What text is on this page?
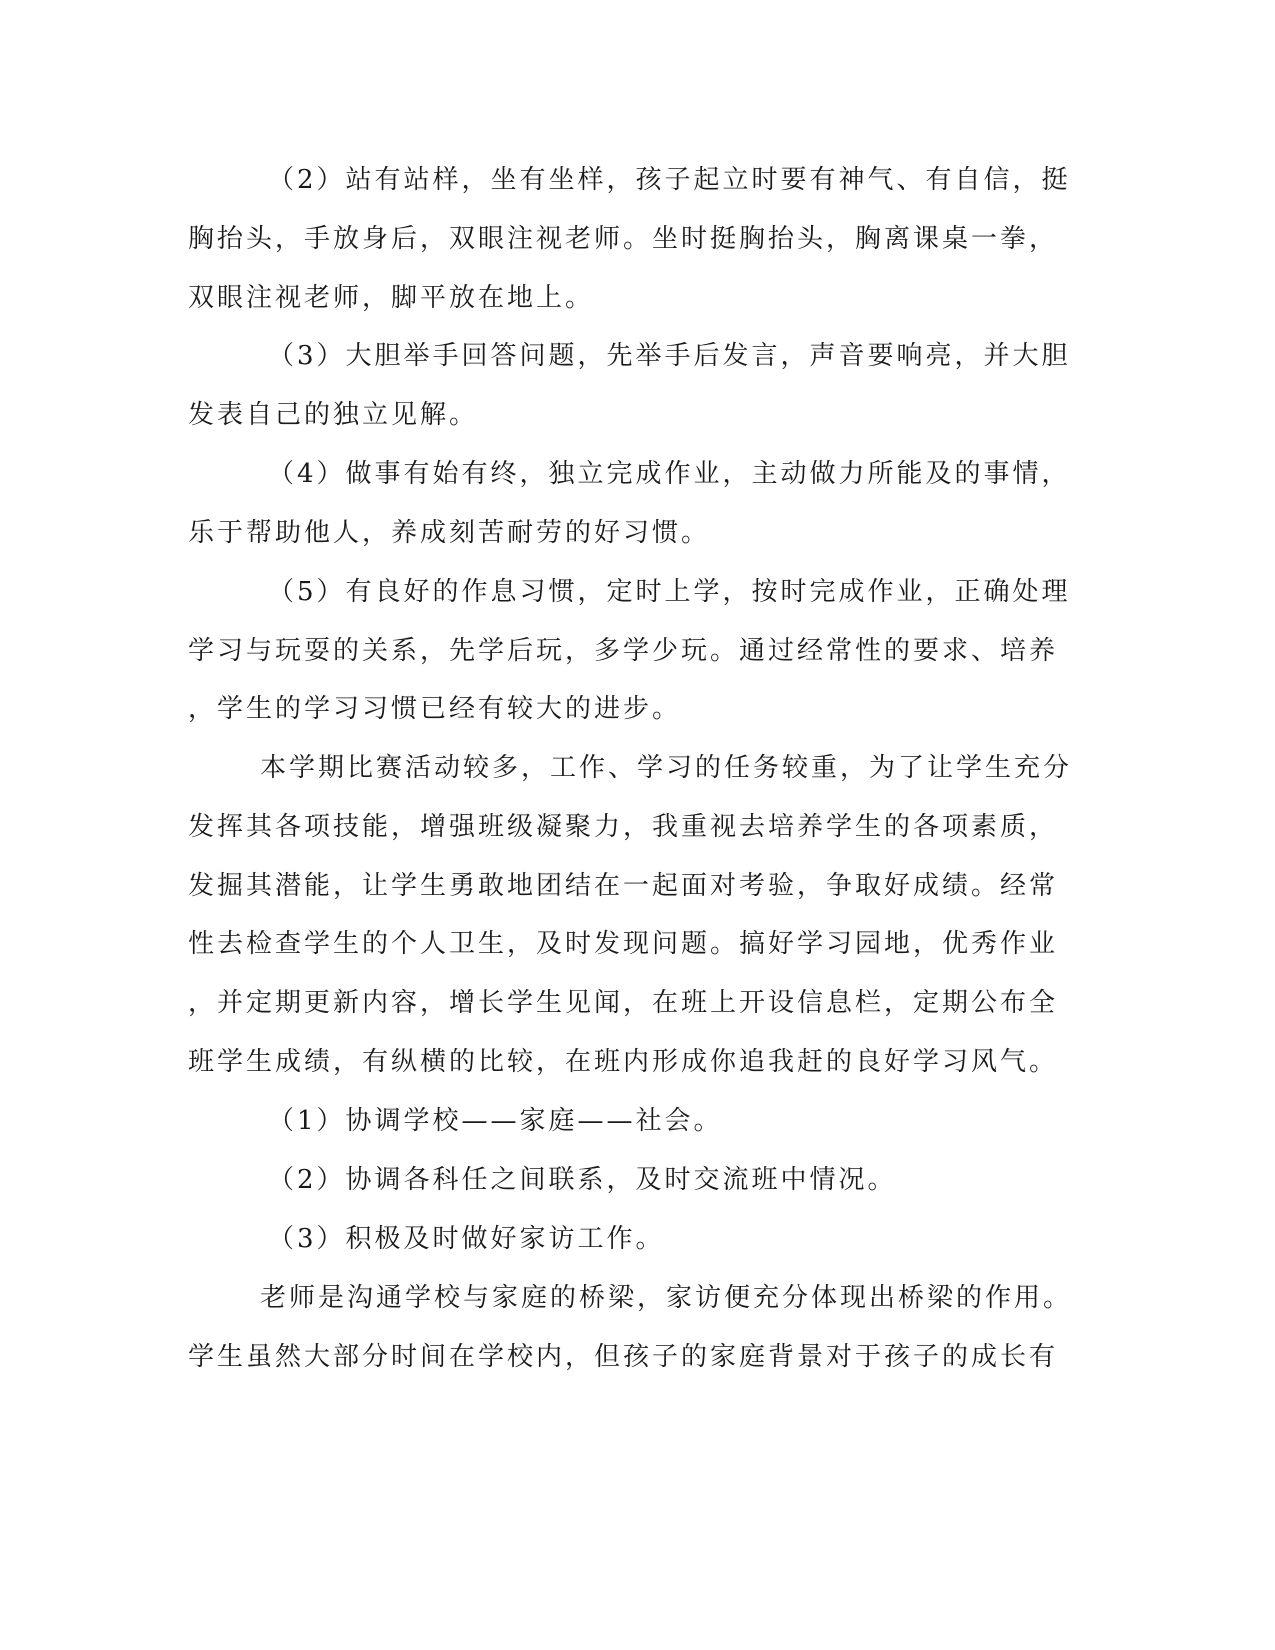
（2）站有站样，坐有坐样，孩子起立时要有神气、有自信，挺

胸抬头，手放身后，双眼注视老师。坐时挺胸抬头，胸离课桌一拳，

双眼注视老师，脚平放在地上。

（3）大胆举手回答问题，先举手后发言，声音要响亮，并大胆

发表自己的独立见解。

（4）做事有始有终，独立完成作业，主动做力所能及的事情，

乐于帮助他人，养成刻苦耐劳的好习惯。

（5）有良好的作息习惯，定时上学，按时完成作业，正确处理

学习与玩耍的关系，先学后玩，多学少玩。通过经常性的要求、培养

，学生的学习习惯已经有较大的进步。

本学期比赛活动较多，工作、学习的任务较重，为了让学生充分

发挥其各项技能，增强班级凝聚力，我重视去培养学生的各项素质，

发掘其潜能，让学生勇敢地团结在一起面对考验，争取好成绩。经常

性去检查学生的个人卫生，及时发现问题。搞好学习园地，优秀作业

，并定期更新内容，增长学生见闻，在班上开设信息栏，定期公布全

班学生成绩，有纵横的比较，在班内形成你追我赶的良好学习风气。

（1）协调学校——家庭——社会。

（2）协调各科任之间联系，及时交流班中情况。

（3）积极及时做好家访工作。

老师是沟通学校与家庭的桥梁，家访便充分体现出桥梁的作用。

学生虽然大部分时间在学校内，但孩子的家庭背景对于孩子的成长有
